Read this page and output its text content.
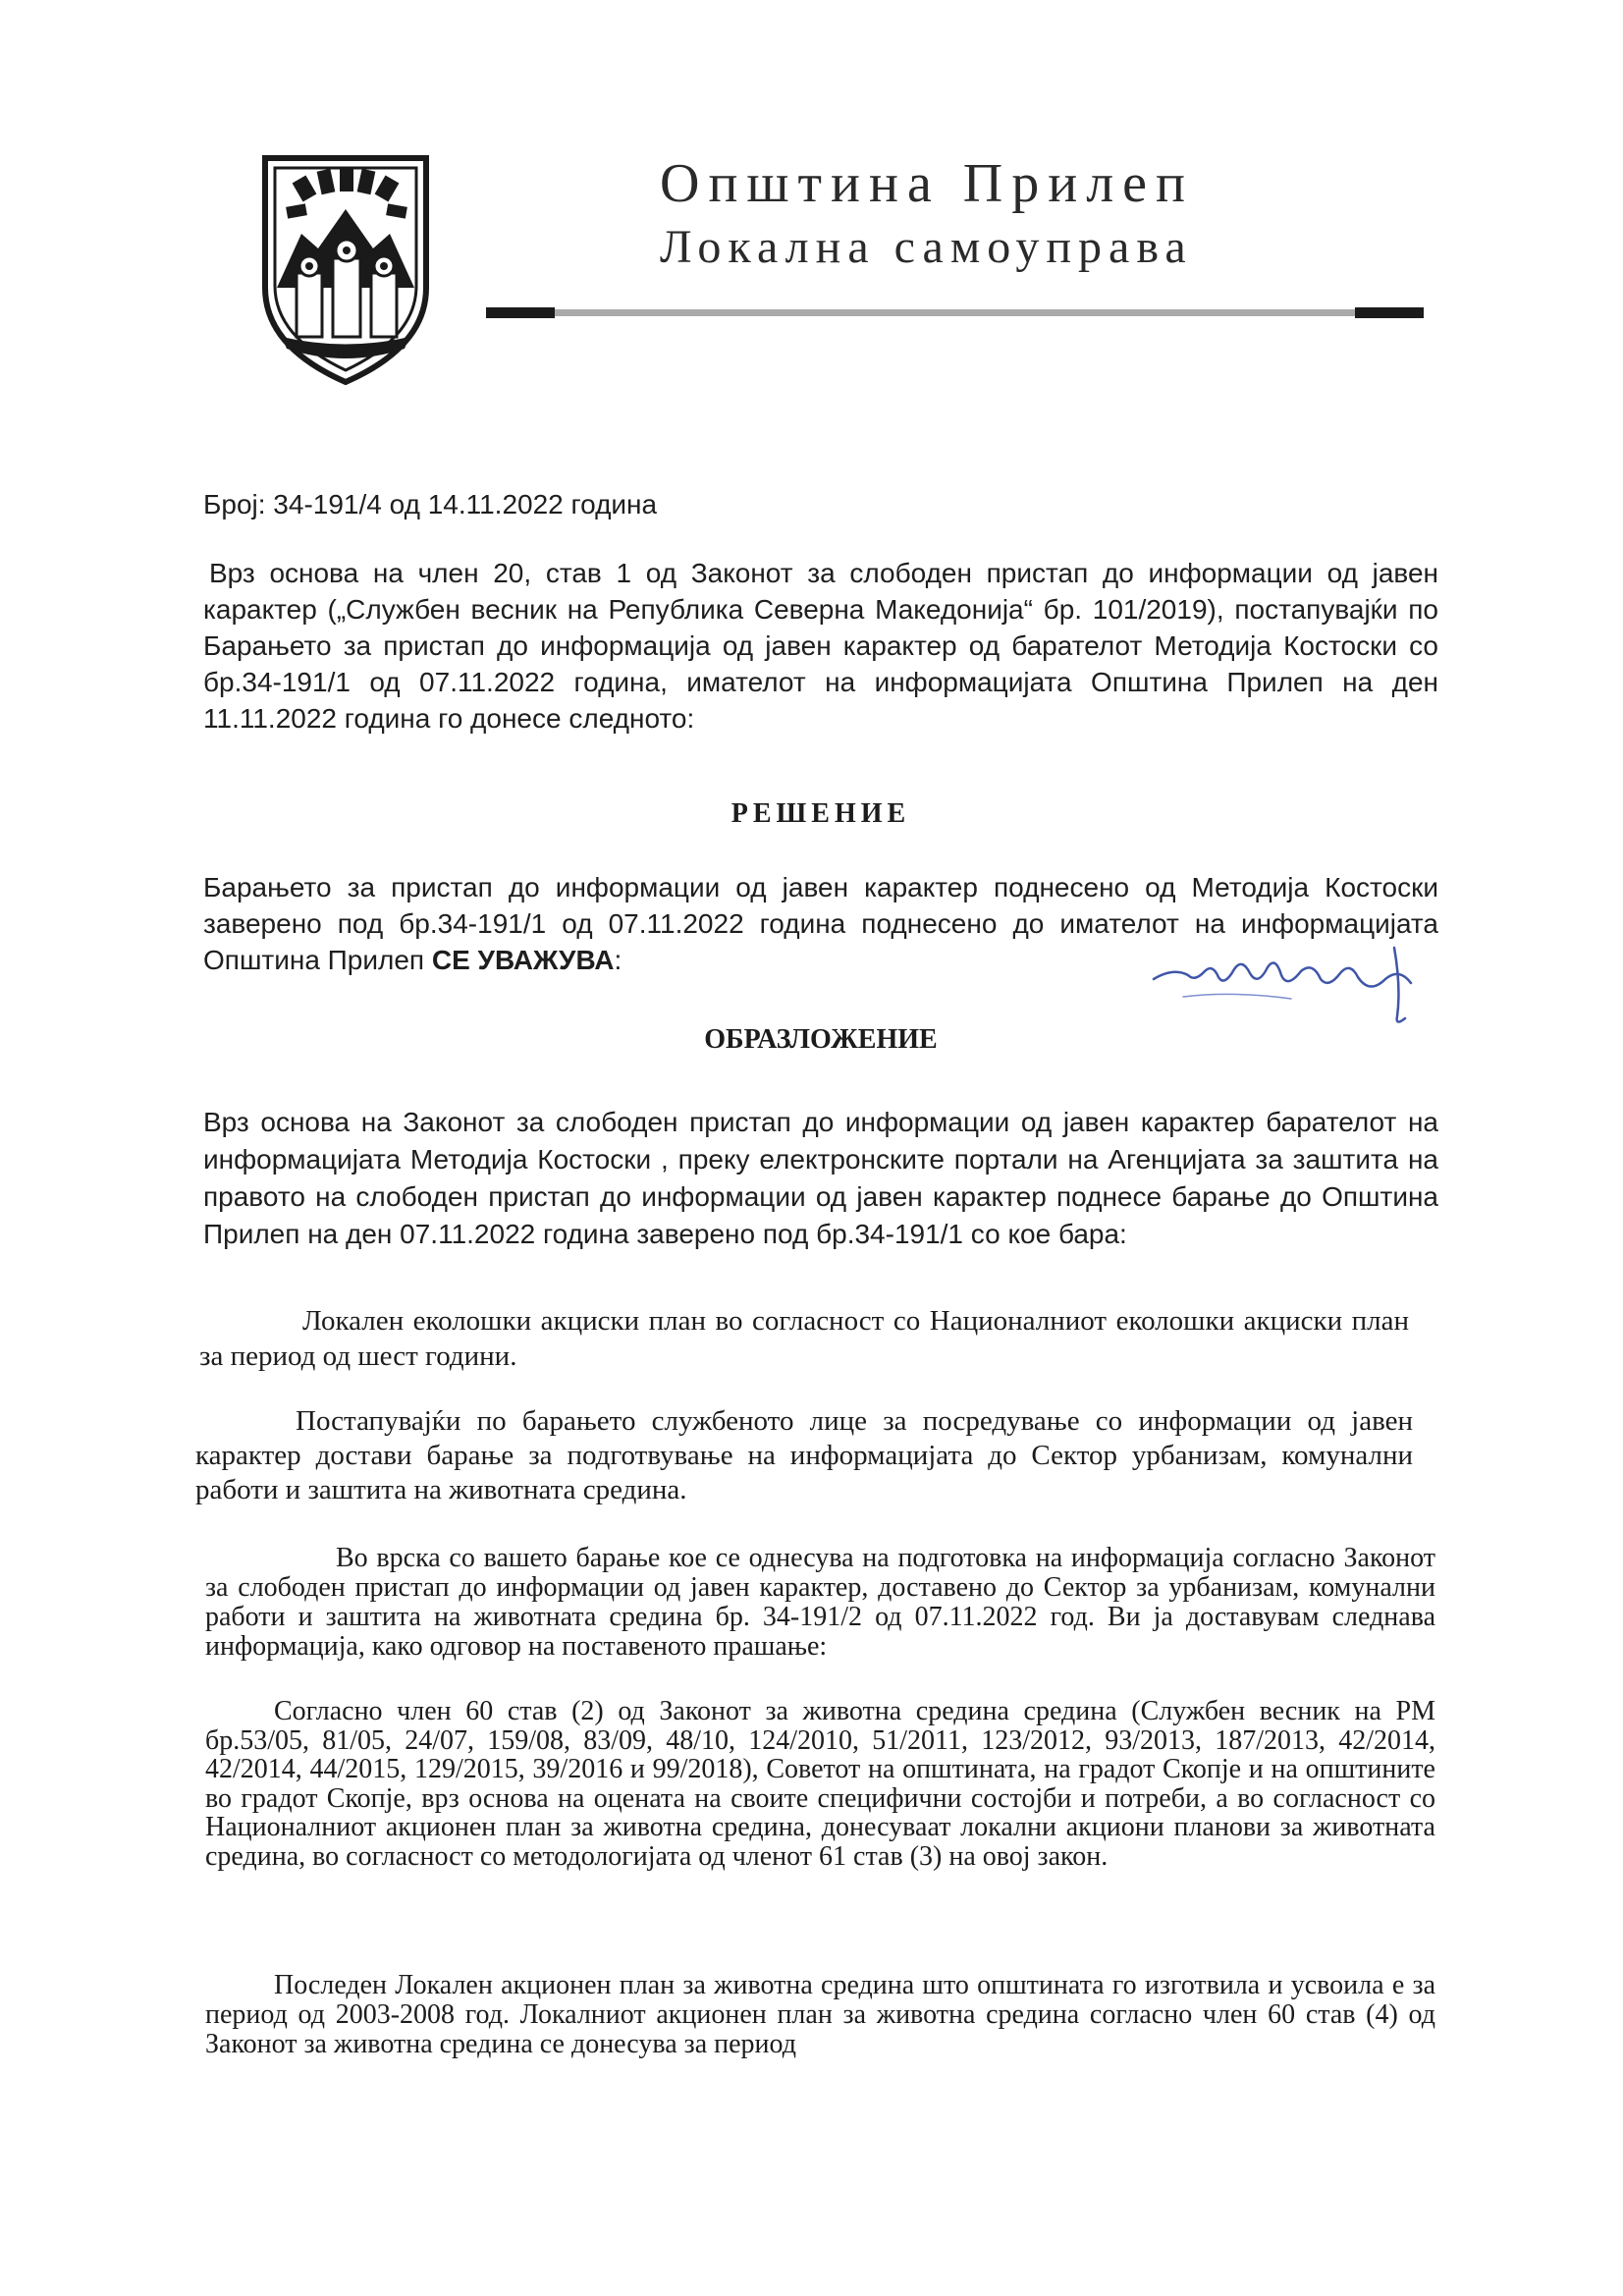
Општина Прилеп
Локална самоуправа
Број: 34-191/4 од 14.11.2022 година

Врз основа на член 20, став 1 од Законот за слободен пристап до информации од јавен карактер („Службен весник на Република Северна Македонија“ бр. 101/2019), постапувајќи по Барањето за пристап до информација од јавен карактер од барателот Методија Костоски со бр.34-191/1 од 07.11.2022 година, имателот на информацијата Општина Прилеп на ден 11.11.2022 година го донесе следното:

РЕШЕНИЕ
Барањето за пристап до информации од јавен карактер поднесено од Методија Костоски заверено под бр.34-191/1 од 07.11.2022 година поднесено до имателот на информацијата Општина Прилеп СЕ УВАЖУВА:
ОБРАЗЛОЖЕНИЕ
Врз основа на Законот за слободен пристап до информации од јавен карактер барателот на информацијата Методија Костоски , преку електронските портали на Агенцијата за заштита на правото на слободен пристап до информации од јавен карактер поднесе барање до Општина Прилеп на ден 07.11.2022 година заверено под бр.34-191/1 со кое бара:

Локален еколошки акциски план во согласност со Националниот еколошки акциски план за период од шест години.

Постапувајќи по барањето службеното лице за посредување со информации од јавен карактер достави барање за подготвување на информацијата до Сектор урбанизам, комунални работи и заштита на животната средина.

Во врска со вашето барање кое се однесува на подготовка на информација согласно Законот за слободен пристап до информации од јавен карактер, доставено до Сектор за урбанизам, комунални работи и заштита на животната средина бр. 34-191/2 од 07.11.2022 год. Ви ја доставувам следнава информација, како одговор на поставеното прашање:

Согласно член 60 став (2) од Законот за животна средина средина (Службен весник на РМ бр.53/05, 81/05, 24/07, 159/08, 83/09, 48/10, 124/2010, 51/2011, 123/2012, 93/2013, 187/2013, 42/2014, 42/2014, 44/2015, 129/2015, 39/2016 и 99/2018), Советот на општината, на градот Скопје и на општините во градот Скопје, врз основа на оцената на своите специфични состојби и потреби, а во согласност со Националниот акционен план за животна средина, донесуваат локални акциони планови за животната средина, во согласност со методологијата од членот 61 став (3) на овој закон.

Последен Локален акционен план за животна средина што општината го изготвила и усвоила е за период од 2003-2008 год. Локалниот акционен план за животна средина согласно член 60 став (4) од Законот за животна средина се донесува за период
